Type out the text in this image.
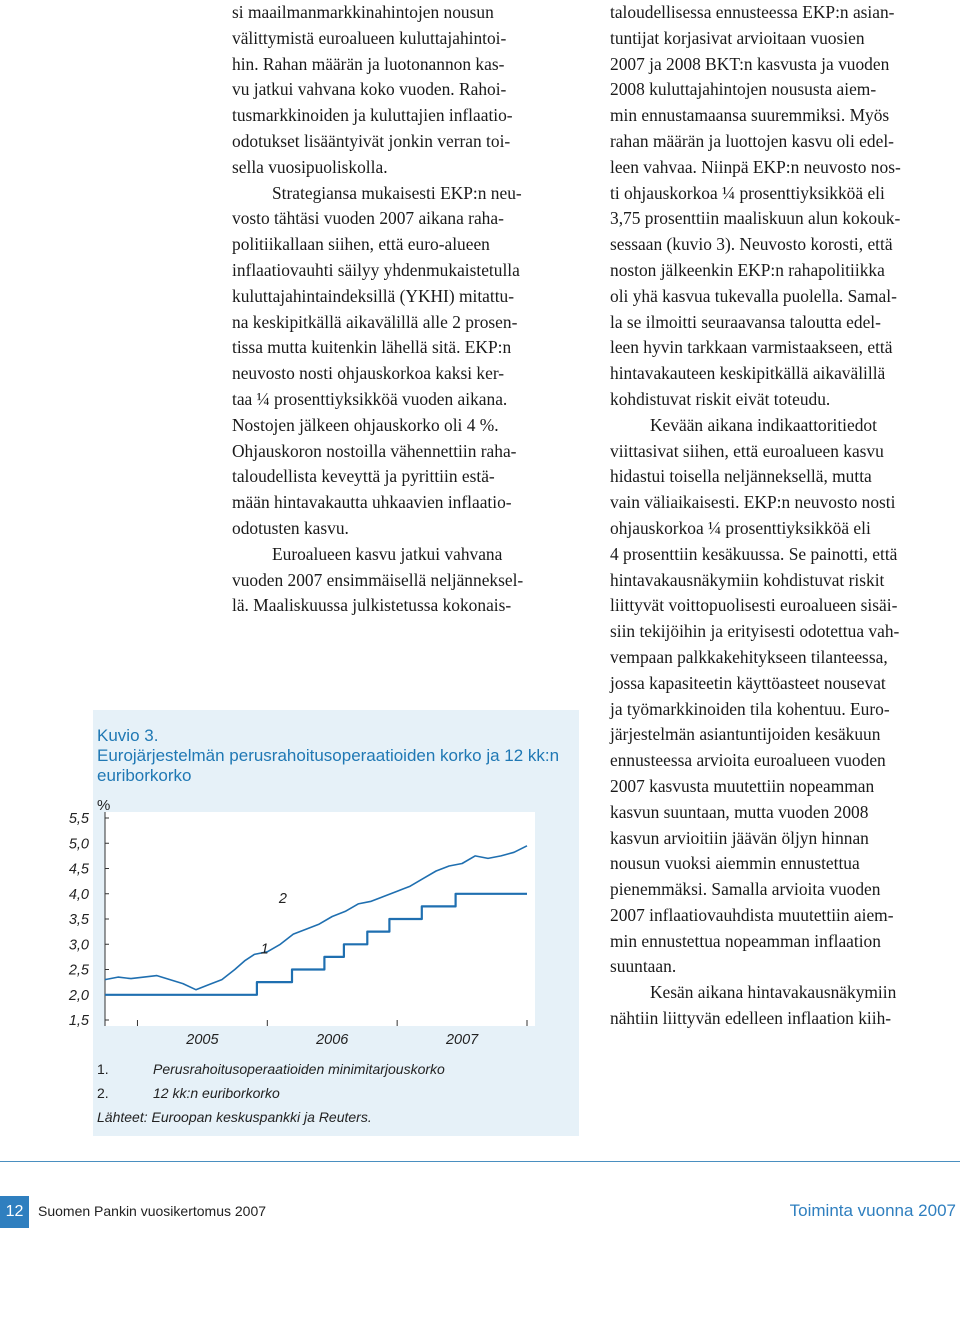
si maailmanmarkkinahintojen nousun
välittymistä euroalueen kuluttajahintoi-
hin. Rahan määrän ja luotonannon kas-
vu jatkui vahvana koko vuoden. Rahoi-
tusmarkkinoiden ja kuluttajien inflaatio-
odotukset lisääntyivät jonkin verran toi-
sella vuosipuoliskolla.

Strategiansa mukaisesti EKP:n neu-
vosto tähtäsi vuoden 2007 aikana raha-
politiikallaan siihen, että euro-alueen
inflaatiovauhti säilyy yhdenmukaistetulla
kuluttajahintaindeksillä (YKHI) mitattu-
na keskipitkällä aikavälillä alle 2 prosen-
tissa mutta kuitenkin lähellä sitä. EKP:n
neuvosto nosti ohjauskorkoa kaksi ker-
taa ¼ prosenttiyksikköä vuoden aikana.
Nostojen jälkeen ohjauskorko oli 4 %.
Ohjauskoron nostoilla vähennettiin raha-
taloudellista keveyttä ja pyrittiin estä-
mään hintavakautta uhkaavien inflaatio-
odotusten kasvu.

Euroalueen kasvu jatkui vahvana
vuoden 2007 ensimmäisellä neljänneksel-
lä. Maaliskuussa julkistetussa kokonais-

taloudellisessa ennusteessa EKP:n asian-
tuntijat korjasivat arvioitaan vuosien
2007 ja 2008 BKT:n kasvusta ja vuoden
2008 kuluttajahintojen noususta aiem-
min ennustamaansa suuremmiksi. Myös
rahan määrän ja luottojen kasvu oli edel-
leen vahvaa. Niinpä EKP:n neuvosto nos-
ti ohjauskorkoa ¼ prosenttiyksikköä eli
3,75 prosenttiin maaliskuun alun kokouk-
sessaan (kuvio 3). Neuvosto korosti, että
noston jälkeenkin EKP:n rahapolitiikka
oli yhä kasvua tukevalla puolella. Samal-
la se ilmoitti seuraavansa taloutta edel-
leen hyvin tarkkaan varmistaakseen, että
hintavakauteen keskipitkällä aikavälillä
kohdistuvat riskit eivät toteudu.

Kevään aikana indikaattoritiedot
viittasivat siihen, että euroalueen kasvu
hidastui toisella neljänneksellä, mutta
vain väliaikaisesti. EKP:n neuvosto nosti
ohjauskorkoa ¼ prosenttiyksikköä eli
4 prosenttiin kesäkuussa. Se painotti, että
hintavakausnäkymiin kohdistuvat riskit
liittyvät voittopuolisesti euroalueen sisäi-
siin tekijöihin ja erityisesti odotettua vah-
vempaan palkkakehitykseen tilanteessa,
jossa kapasiteetin käyttöasteet nousevat
ja työmarkkinoiden tila kohentuu. Euro-
järjestelmän asiantuntijoiden kesäkuun
ennusteessa arvioita euroalueen vuoden
2007 kasvusta muutettiin nopeamman
kasvun suuntaan, mutta vuoden 2008
kasvun arvioitiin jäävän öljyn hinnan
nousun vuoksi aiemmin ennustettua
pienemmäksi. Samalla arvioita vuoden
2007 inflaatiovauhdista muutettiin aiem-
min ennustettua nopeamman inflaation
suuntaan.

Kesän aikana hintavakausnäkymiin
nähtiin liittyvän edelleen inflaation kiih-

Kuvio 3.
Eurojärjestelmän perusrahoitusoperaatioiden korko ja 12 kk:n euriborkorko
%
1,5
2,0
2,5
3,0
3,5
4,0
4,5
5,0
5,5
2005	2006	2007
1
2
1.	Perusrahoitusoperaatioiden minimitarjouskorko
2.	12 kk:n euriborkorko
Lähteet: Euroopan keskuspankki ja Reuters.
12	Suomen Pankin vuosikertomus 2007	Toiminta vuonna 2007
